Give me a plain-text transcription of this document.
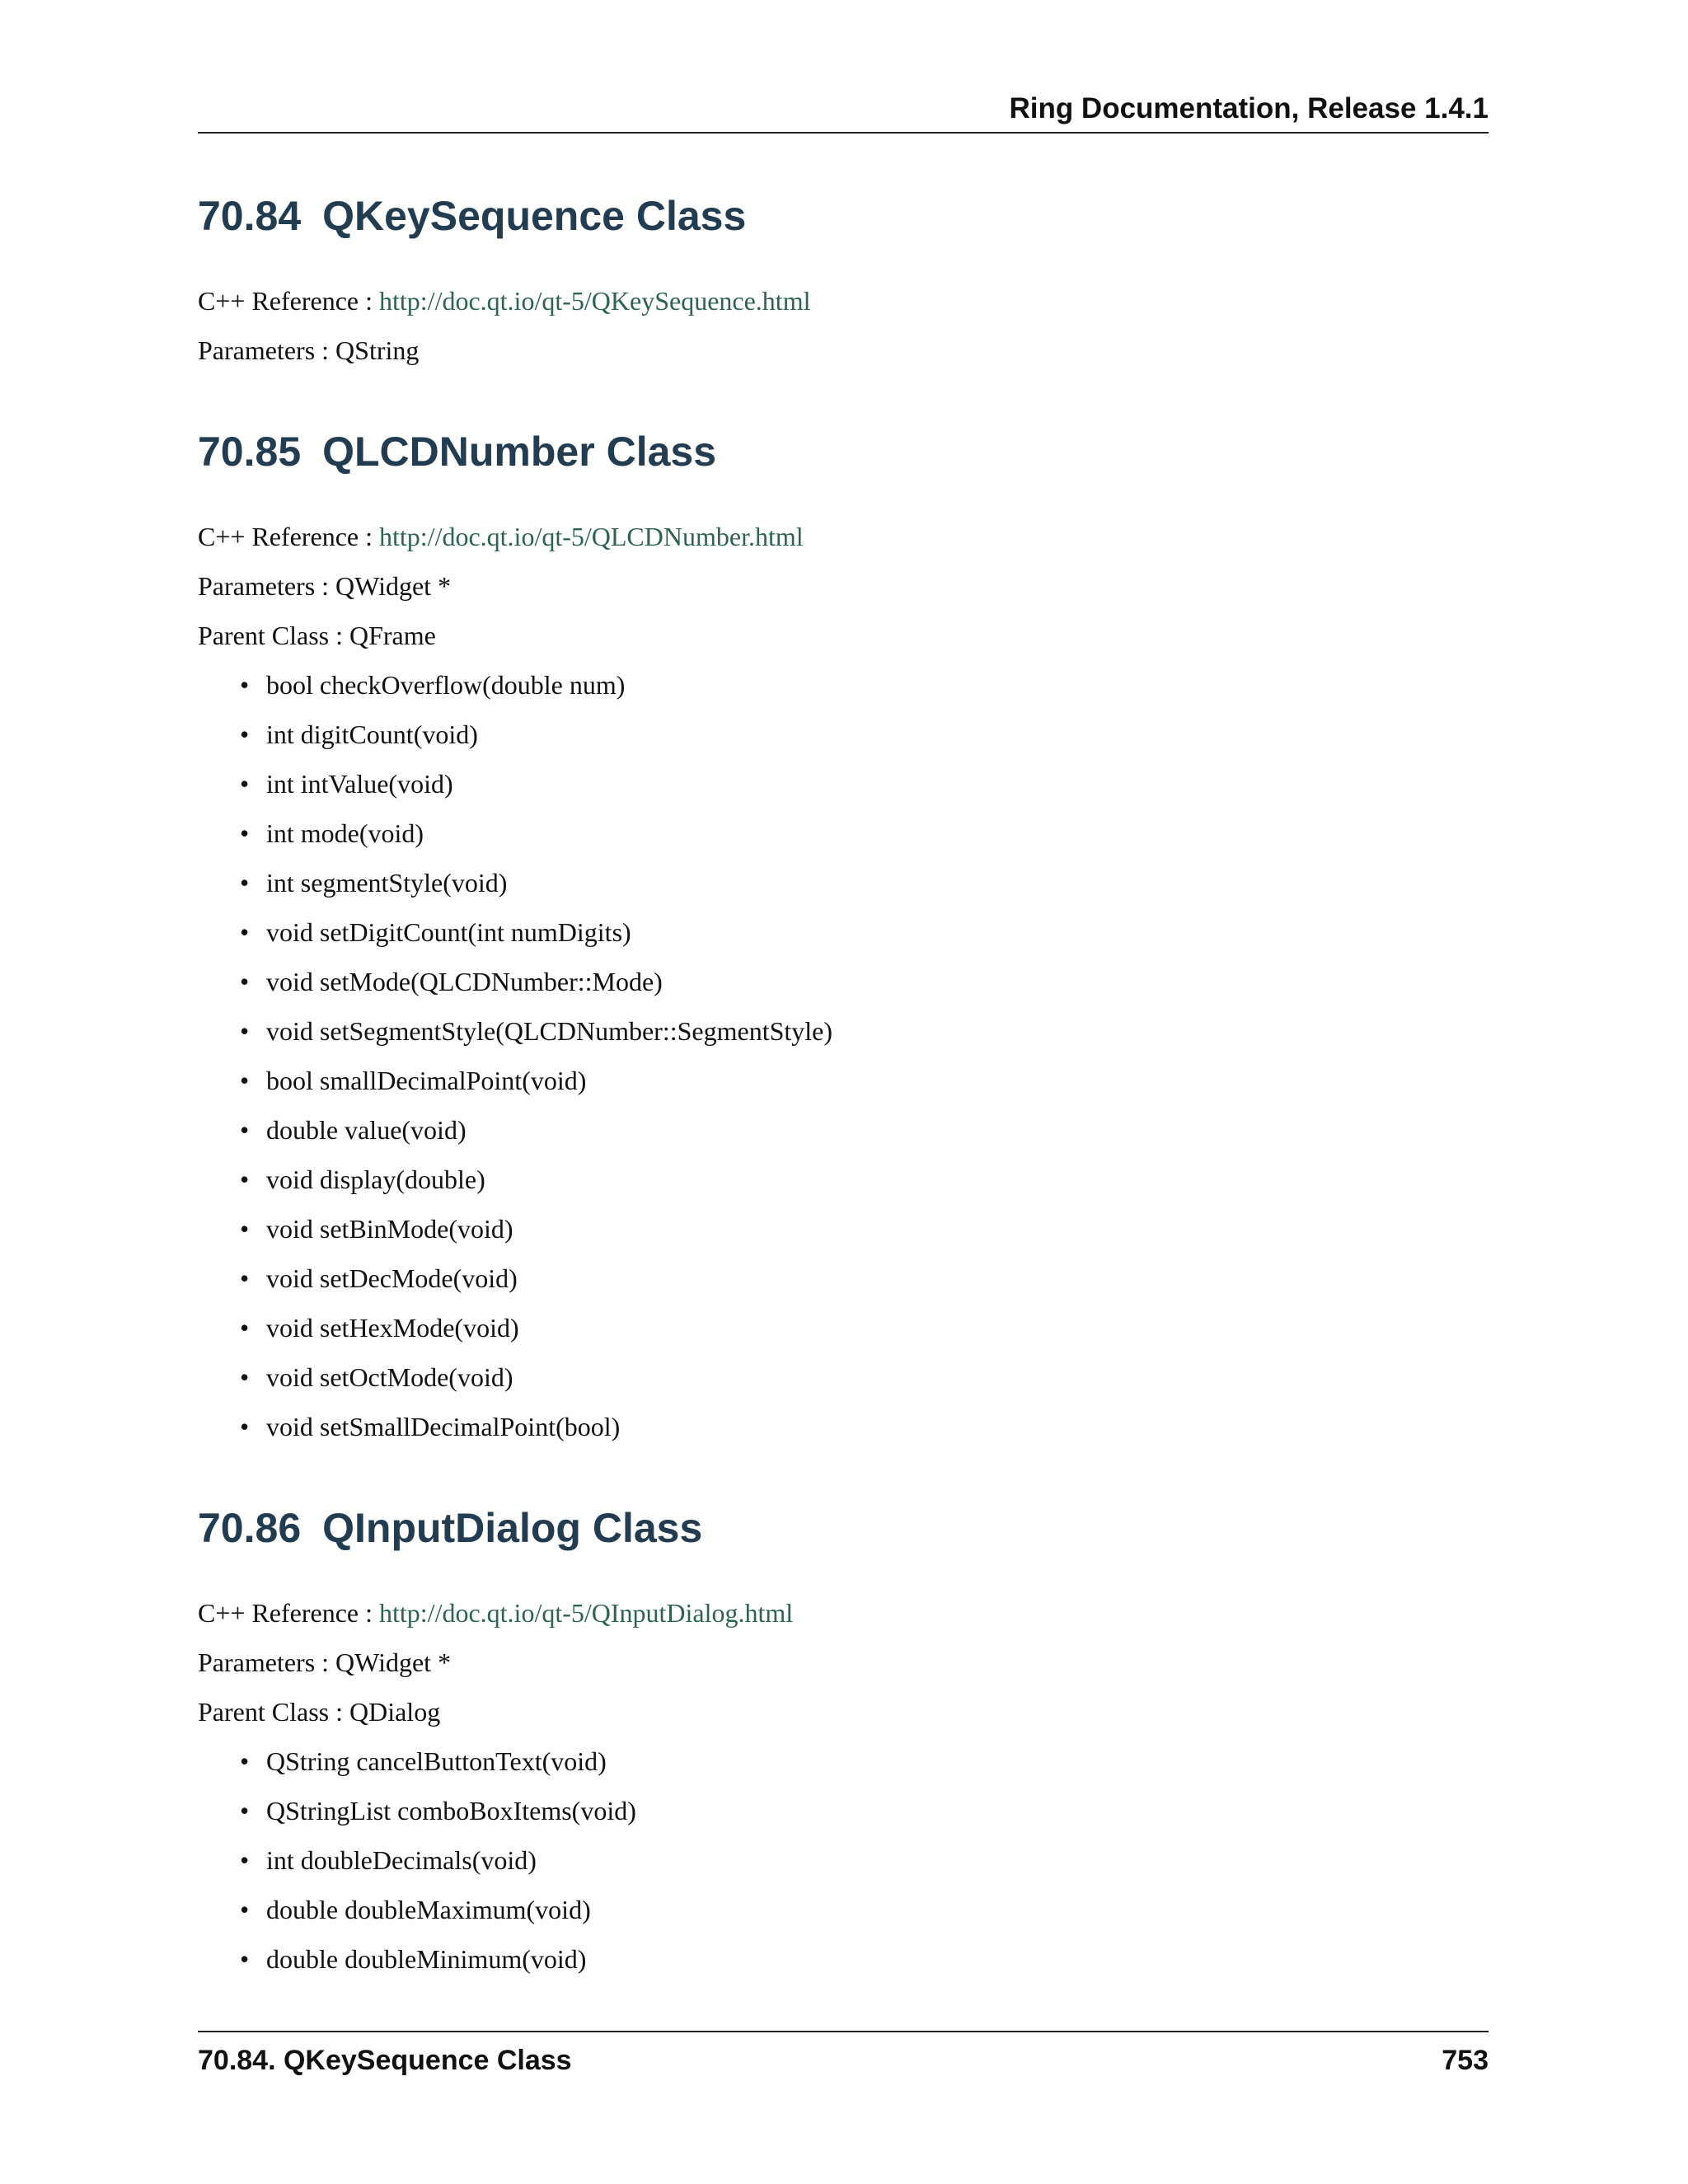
Ring Documentation, Release 1.4.1
70.84 QKeySequence Class
C++ Reference : http://doc.qt.io/qt-5/QKeySequence.html
Parameters : QString
70.85 QLCDNumber Class
C++ Reference : http://doc.qt.io/qt-5/QLCDNumber.html
Parameters : QWidget *
Parent Class : QFrame
• bool checkOverflow(double num)
• int digitCount(void)
• int intValue(void)
• int mode(void)
• int segmentStyle(void)
• void setDigitCount(int numDigits)
• void setMode(QLCDNumber::Mode)
• void setSegmentStyle(QLCDNumber::SegmentStyle)
• bool smallDecimalPoint(void)
• double value(void)
• void display(double)
• void setBinMode(void)
• void setDecMode(void)
• void setHexMode(void)
• void setOctMode(void)
• void setSmallDecimalPoint(bool)
70.86 QInputDialog Class
C++ Reference : http://doc.qt.io/qt-5/QInputDialog.html
Parameters : QWidget *
Parent Class : QDialog
• QString cancelButtonText(void)
• QStringList comboBoxItems(void)
• int doubleDecimals(void)
• double doubleMaximum(void)
• double doubleMinimum(void)
70.84. QKeySequence Class	753
